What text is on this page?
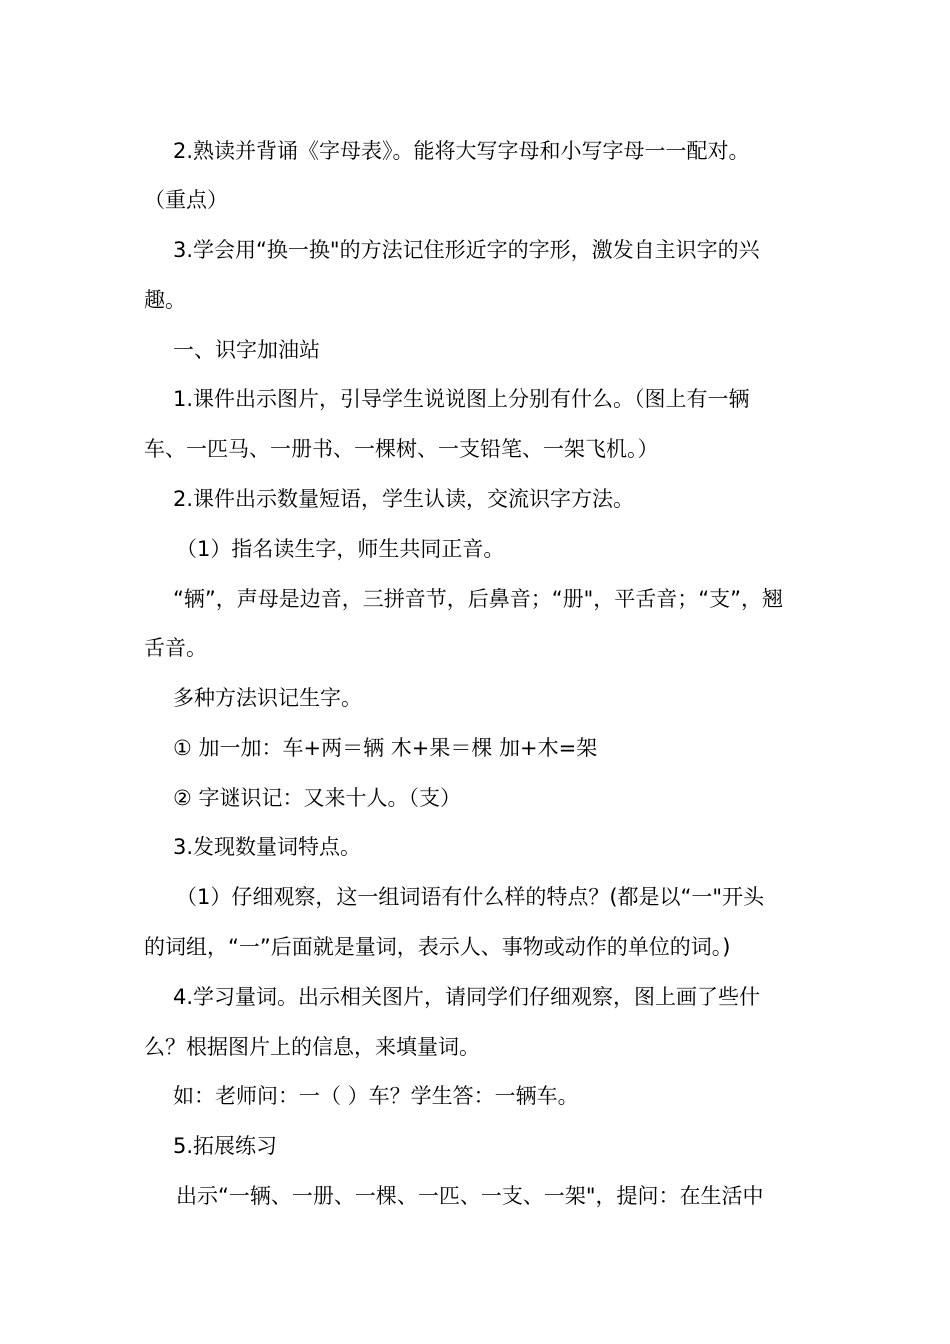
2.熟读并背诵《字母表》。能将大写字母和小写字母一一配对。
（重点）
3.学会用“换一换"的方法记住形近字的字形，激发自主识字的兴
趣。
一、识字加油站
1.课件出示图片，引导学生说说图上分别有什么。（图上有一辆
车、一匹马、一册书、一棵树、一支铅笔、一架飞机。）
2.课件出示数量短语，学生认读，交流识字方法。
（1）指名读生字，师生共同正音。
“辆”，声母是边音，三拼音节，后鼻音；“册"，平舌音；“支”，翘
舌音。
多种方法识记生字。
① 加一加：车+两＝辆 木+果＝棵 加+木=架
② 字谜识记：又来十人。（支）
3.发现数量词特点。
（1）仔细观察，这一组词语有什么样的特点？(都是以“一"开头
的词组，“一”后面就是量词，表示人、事物或动作的单位的词。)
4.学习量词。出示相关图片，请同学们仔细观察，图上画了些什
么？根据图片上的信息，来填量词。
如：老师问：一（ ）车？学生答：一辆车。
5.拓展练习
出示“一辆、一册、一棵、一匹、一支、一架"，提问：在生活中
